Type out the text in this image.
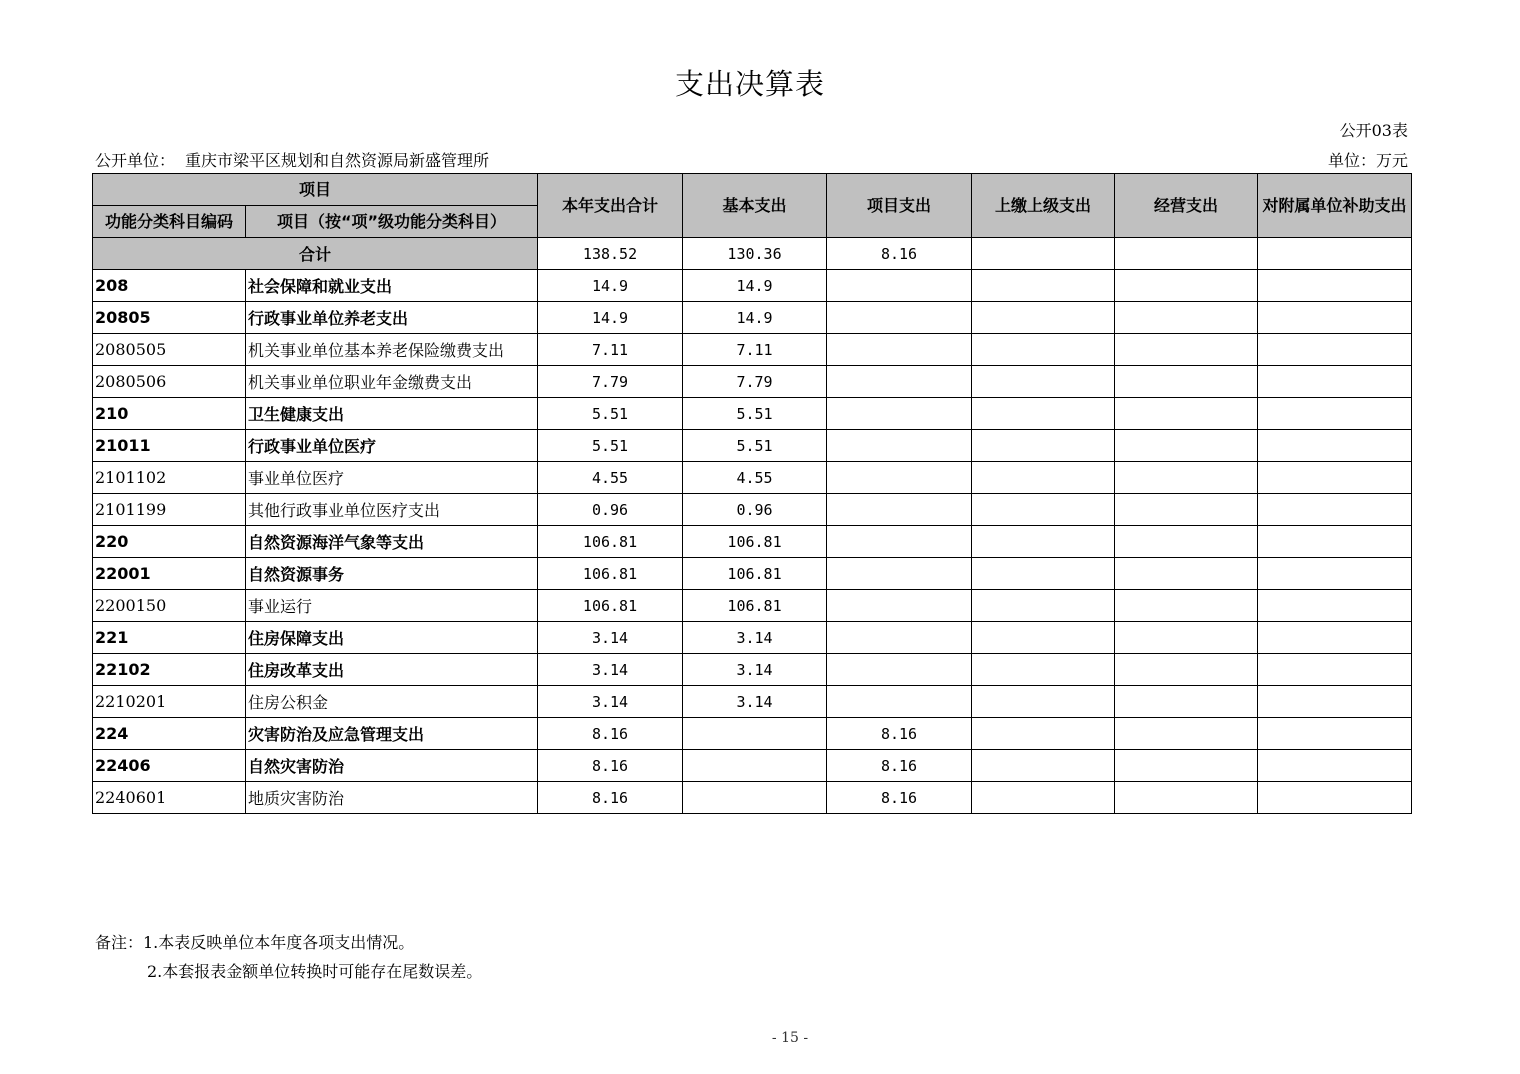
支出决算表
公开03表
公开单位： 重庆市梁平区规划和自然资源局新盛管理所	单位：万元
项目		本年支出合计	基本支出	项目支出	上缴上级支出	经营支出	对附属单位补助支出
功能分类科目编码	项目（按“项”级功能分类科目）						
合计		138.52	130.36	8.16			
208	社会保障和就业支出	14.9	14.9				
20805	行政事业单位养老支出	14.9	14.9				
2080505	机关事业单位基本养老保险缴费支出	7.11	7.11				
2080506	机关事业单位职业年金缴费支出	7.79	7.79				
210	卫生健康支出	5.51	5.51				
21011	行政事业单位医疗	5.51	5.51				
2101102	事业单位医疗	4.55	4.55				
2101199	其他行政事业单位医疗支出	0.96	0.96				
220	自然资源海洋气象等支出	106.81	106.81				
22001	自然资源事务	106.81	106.81				
2200150	事业运行	106.81	106.81				
221	住房保障支出	3.14	3.14				
22102	住房改革支出	3.14	3.14				
2210201	住房公积金	3.14	3.14				
224	灾害防治及应急管理支出	8.16		8.16			
22406	自然灾害防治	8.16		8.16			
2240601	地质灾害防治	8.16		8.16			
备注：1.本表反映单位本年度各项支出情况。
2.本套报表金额单位转换时可能存在尾数误差。
- 15 -
